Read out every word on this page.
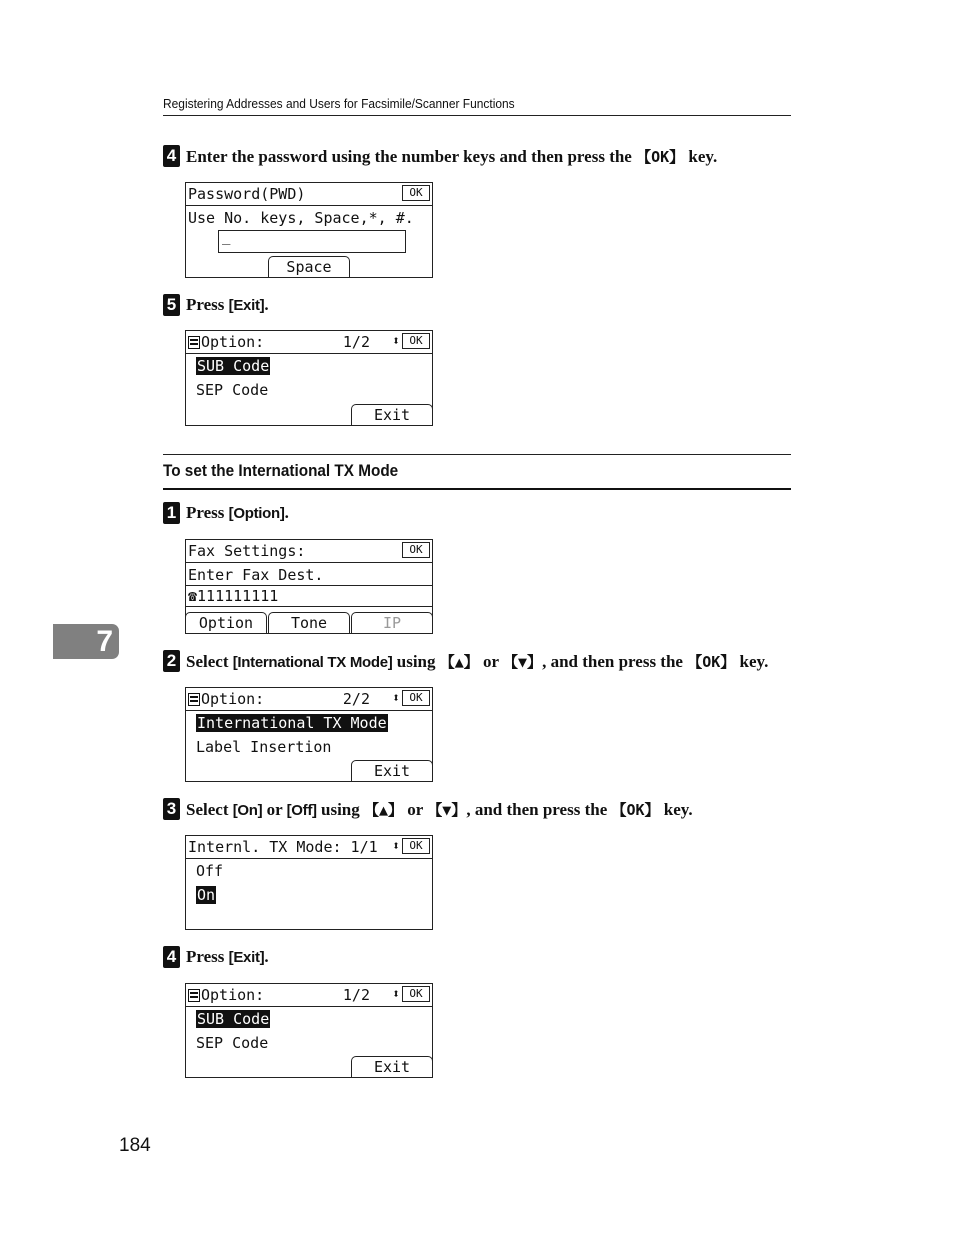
Registering Addresses and Users for Facsimile/Scanner Functions
4 Enter the password using the number keys and then press the 【OK】 key.
Password(PWD)	OK
Use No. keys, Space,*, #.
_
Space
5 Press [Exit].
Option:	1/2 ⬍ OK
SUB Code
SEP Code
Exit
To set the International TX Mode
1 Press [Option].
Fax Settings:	OK
Enter Fax Dest.
☎111111111
Option	Tone	IP
7
2 Select [International TX Mode] using 【▲】 or 【▼】, and then press the 【OK】 key.
Option:	2/2 ⬍ OK
International TX Mode
Label Insertion
Exit
3 Select [On] or [Off] using 【▲】 or 【▼】, and then press the 【OK】 key.
Internl. TX Mode: 1/1	⬍ OK
Off
On
4 Press [Exit].
Option:	1/2 ⬍ OK
SUB Code
SEP Code
Exit
184
